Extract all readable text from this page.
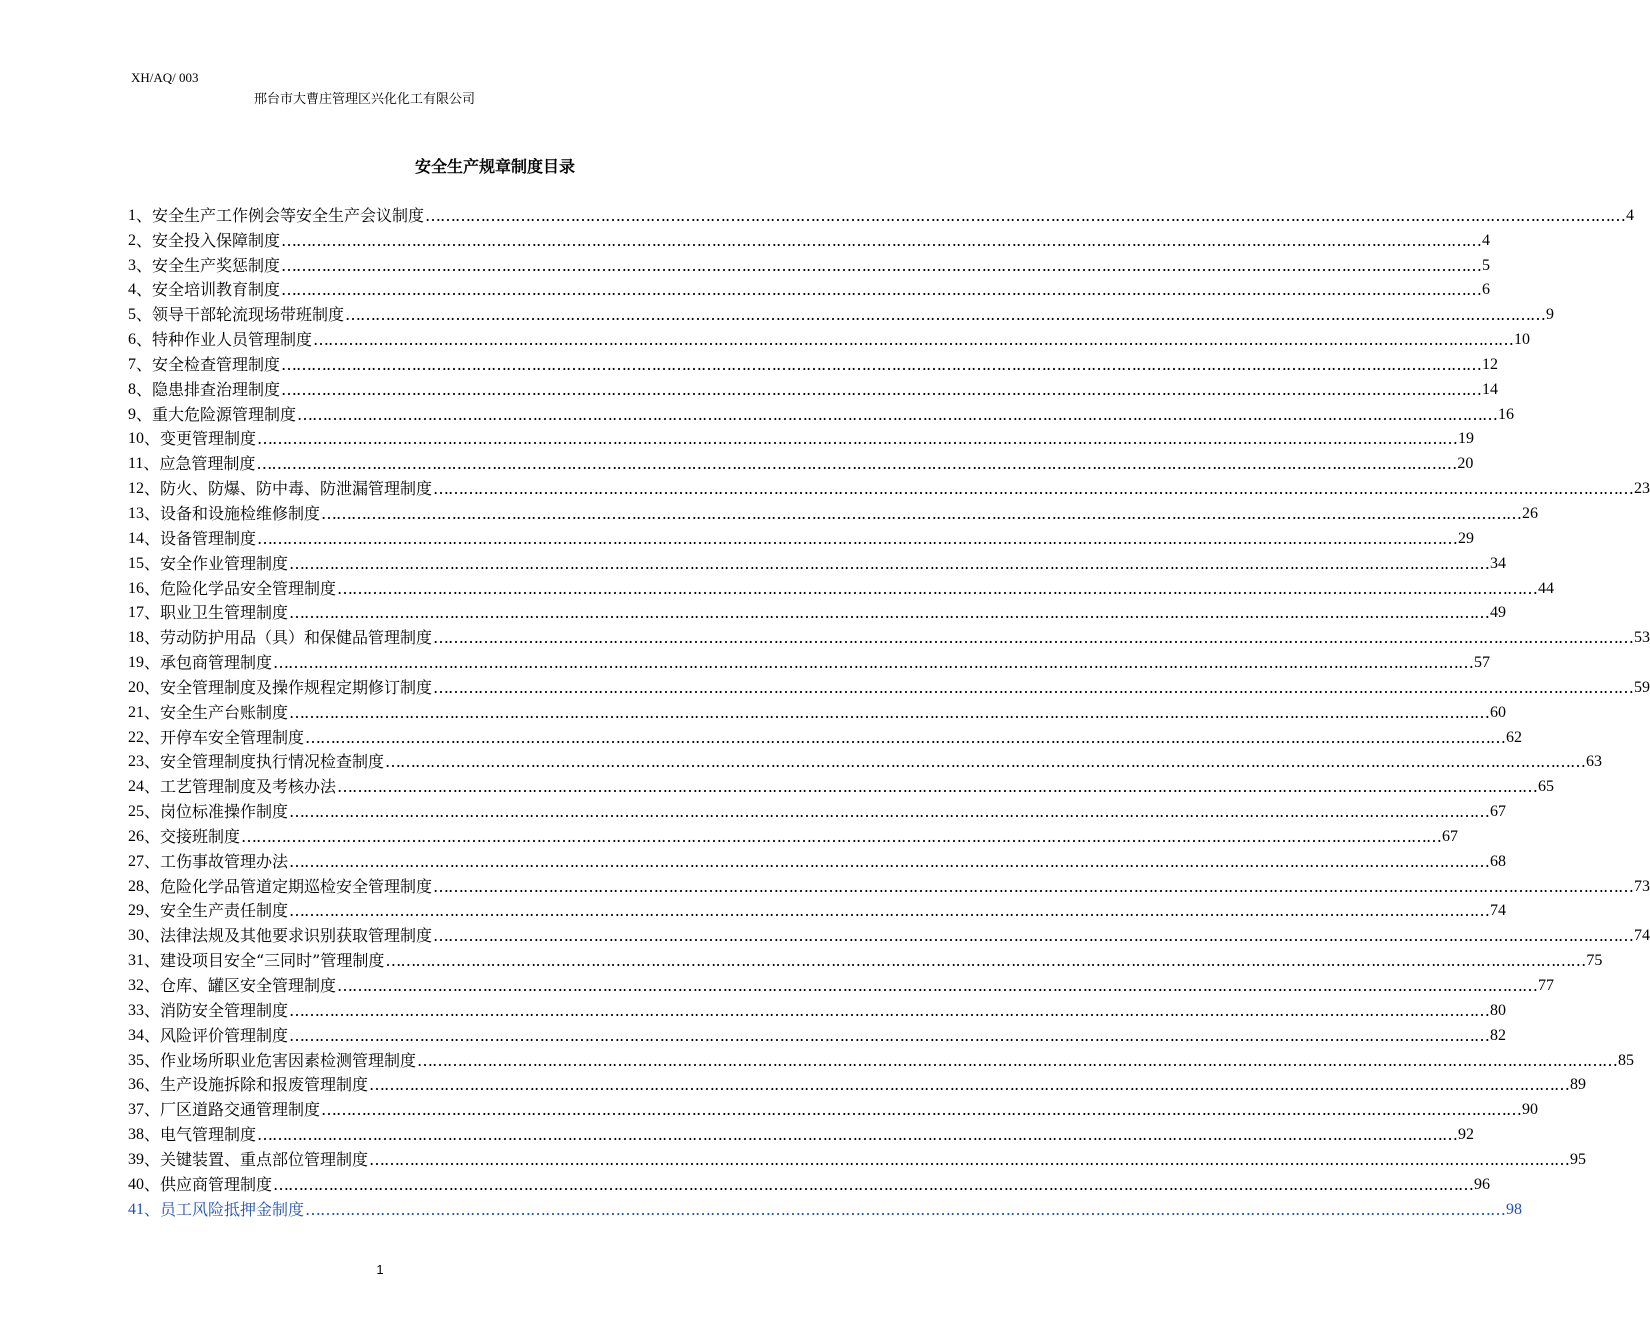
XH/AQ/ 003
邢台市大曹庄管理区兴化化工有限公司
安全生产规章制度目录
1 、安全生产工作例会等安全生产会议制度 …………………………………………………………………………………………………………………………………………………………………………………………………………………… 4
2 、安全投入保障制度 …………………………………………………………………………………………………………………………………………………………………………………………………………………… 4
3 、安全生产奖惩制度 …………………………………………………………………………………………………………………………………………………………………………………………………………………… 5
4 、安全培训教育制度 …………………………………………………………………………………………………………………………………………………………………………………………………………………… 6
5 、领导干部轮流现场带班制度 …………………………………………………………………………………………………………………………………………………………………………………………………………………… 9
6 、特种作业人员管理制度 …………………………………………………………………………………………………………………………………………………………………………………………………………………… 10
7 、安全检查管理制度 …………………………………………………………………………………………………………………………………………………………………………………………………………………… 12
8 、隐患排查治理制度 …………………………………………………………………………………………………………………………………………………………………………………………………………………… 14
9 、重大危险源管理制度 …………………………………………………………………………………………………………………………………………………………………………………………………………………… 16
10 、变更管理制度 …………………………………………………………………………………………………………………………………………………………………………………………………………………… 19
11 、应急管理制度 …………………………………………………………………………………………………………………………………………………………………………………………………………………… 20
12 、防火、防爆、防中毒、防泄漏管理制度 …………………………………………………………………………………………………………………………………………………………………………………………………………………… 23
13 、设备和设施检维修制度 …………………………………………………………………………………………………………………………………………………………………………………………………………………… 26
14 、设备管理制度 …………………………………………………………………………………………………………………………………………………………………………………………………………………… 29
15 、安全作业管理制度 …………………………………………………………………………………………………………………………………………………………………………………………………………………… 34
16 、危险化学品安全管理制度 …………………………………………………………………………………………………………………………………………………………………………………………………………………… 44
17 、职业卫生管理制度 …………………………………………………………………………………………………………………………………………………………………………………………………………………… 49
18 、劳动防护用品（具）和保健品管理制度 …………………………………………………………………………………………………………………………………………………………………………………………………………………… 53
19 、承包商管理制度 …………………………………………………………………………………………………………………………………………………………………………………………………………………… 57
20 、安全管理制度及操作规程定期修订制度 …………………………………………………………………………………………………………………………………………………………………………………………………………………… 59
21 、安全生产台账制度 …………………………………………………………………………………………………………………………………………………………………………………………………………………… 60
22 、开停车安全管理制度 …………………………………………………………………………………………………………………………………………………………………………………………………………………… 62
23 、安全管理制度执行情况检查制度 …………………………………………………………………………………………………………………………………………………………………………………………………………………… 63
24 、工艺管理制度及考核办法 …………………………………………………………………………………………………………………………………………………………………………………………………………………… 65
25 、岗位标准操作制度 …………………………………………………………………………………………………………………………………………………………………………………………………………………… 67
26 、交接班制度 …………………………………………………………………………………………………………………………………………………………………………………………………………………… 67
27 、工伤事故管理办法 …………………………………………………………………………………………………………………………………………………………………………………………………………………… 68
28 、危险化学品管道定期巡检安全管理制度 …………………………………………………………………………………………………………………………………………………………………………………………………………………… 73
29 、安全生产责任制度 …………………………………………………………………………………………………………………………………………………………………………………………………………………… 74
30 、法律法规及其他要求识别获取管理制度 …………………………………………………………………………………………………………………………………………………………………………………………………………………… 74
31 、建设项目安全“三同时”管理制度 …………………………………………………………………………………………………………………………………………………………………………………………………………………… 75
32 、仓库、罐区安全管理制度 …………………………………………………………………………………………………………………………………………………………………………………………………………………… 77
33 、消防安全管理制度 …………………………………………………………………………………………………………………………………………………………………………………………………………………… 80
34 、风险评价管理制度 …………………………………………………………………………………………………………………………………………………………………………………………………………………… 82
35 、作业场所职业危害因素检测管理制度 …………………………………………………………………………………………………………………………………………………………………………………………………………………… 85
36 、生产设施拆除和报废管理制度 …………………………………………………………………………………………………………………………………………………………………………………………………………………… 89
37 、厂区道路交通管理制度 …………………………………………………………………………………………………………………………………………………………………………………………………………………… 90
38 、电气管理制度 …………………………………………………………………………………………………………………………………………………………………………………………………………………… 92
39 、关键装置、重点部位管理制度 …………………………………………………………………………………………………………………………………………………………………………………………………………………… 95
40 、供应商管理制度 …………………………………………………………………………………………………………………………………………………………………………………………………………………… 96
41 、员工风险抵押金制度 …………………………………………………………………………………………………………………………………………………………………………………………………………………… 98
1
